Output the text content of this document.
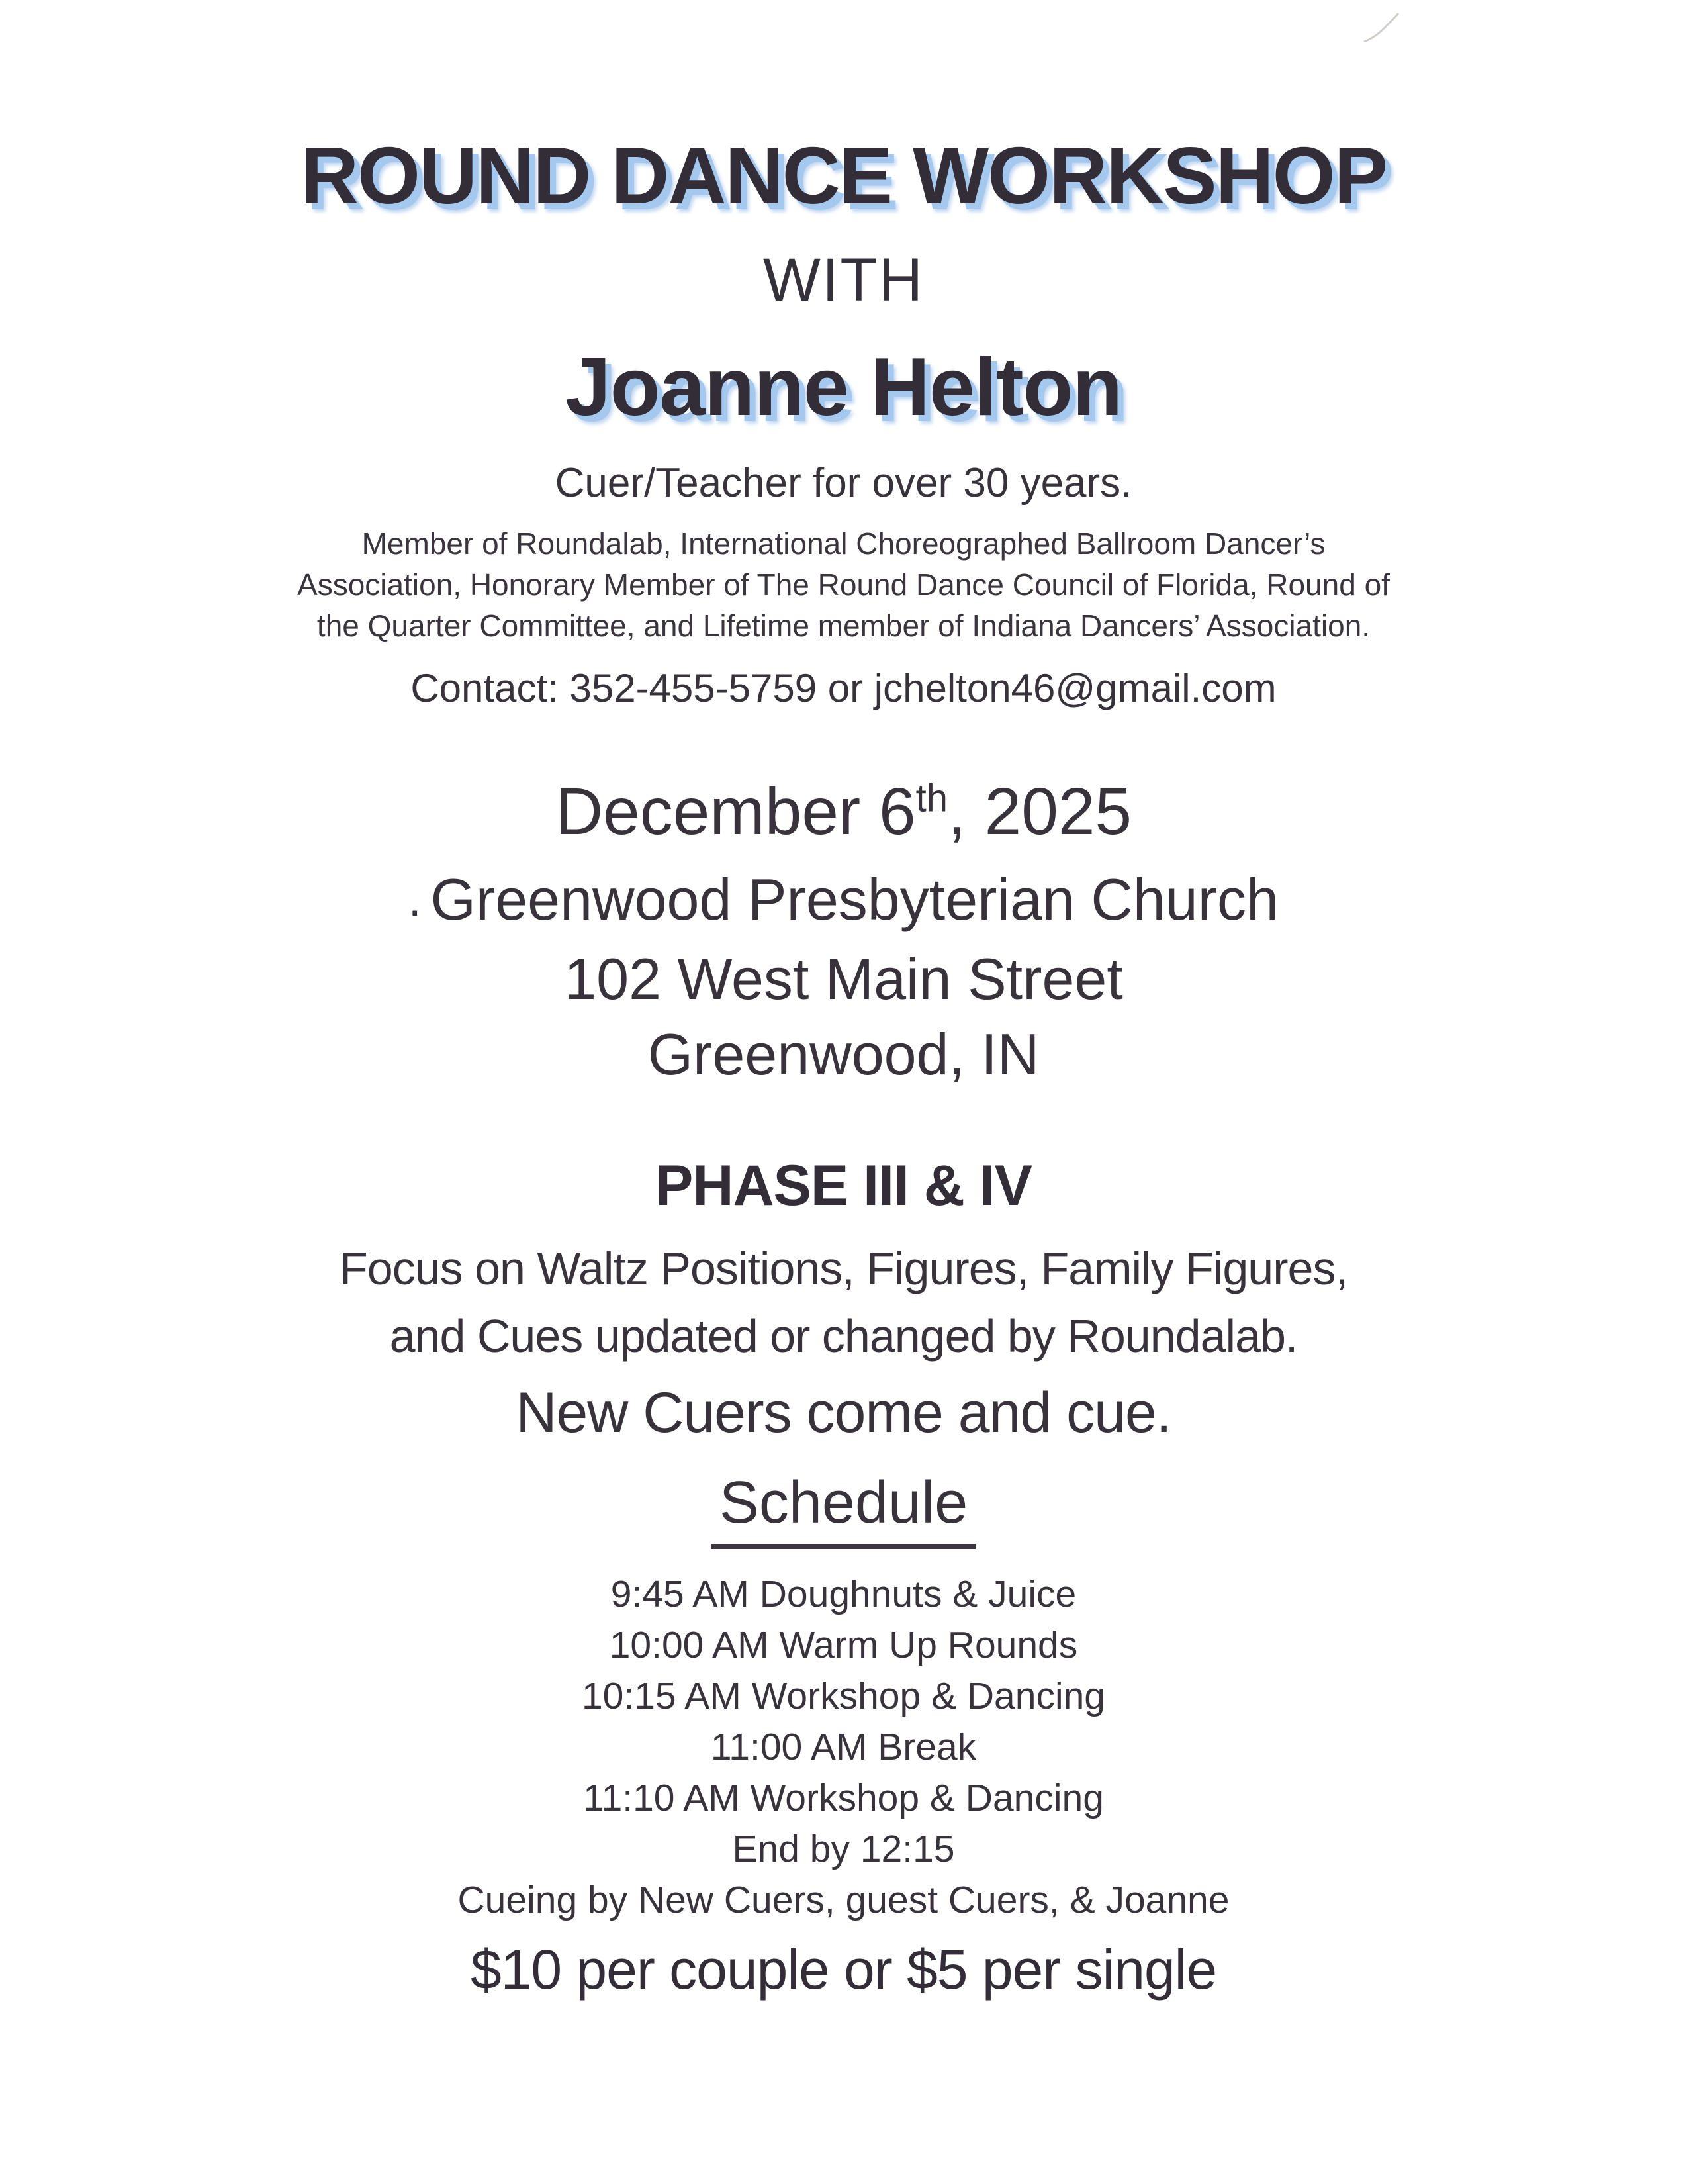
ROUND DANCE WORKSHOP
WITH
Joanne Helton
Cuer/Teacher for over 30 years.
Member of Roundalab, International Choreographed Ballroom Dancer’s
Association, Honorary Member of The Round Dance Council of Florida, Round of
the Quarter Committee, and Lifetime member of Indiana Dancers’ Association.
Contact: 352-455-5759 or jchelton46@gmail.com
December 6th, 2025
. Greenwood Presbyterian Church
102 West Main Street
Greenwood, IN
PHASE III & IV
Focus on Waltz Positions, Figures, Family Figures,
and Cues updated or changed by Roundalab.
New Cuers come and cue.
Schedule
9:45 AM Doughnuts & Juice
10:00 AM Warm Up Rounds
10:15 AM Workshop & Dancing
11:00 AM Break
11:10 AM Workshop & Dancing
End by 12:15
Cueing by New Cuers, guest Cuers, & Joanne
$10 per couple or $5 per single
